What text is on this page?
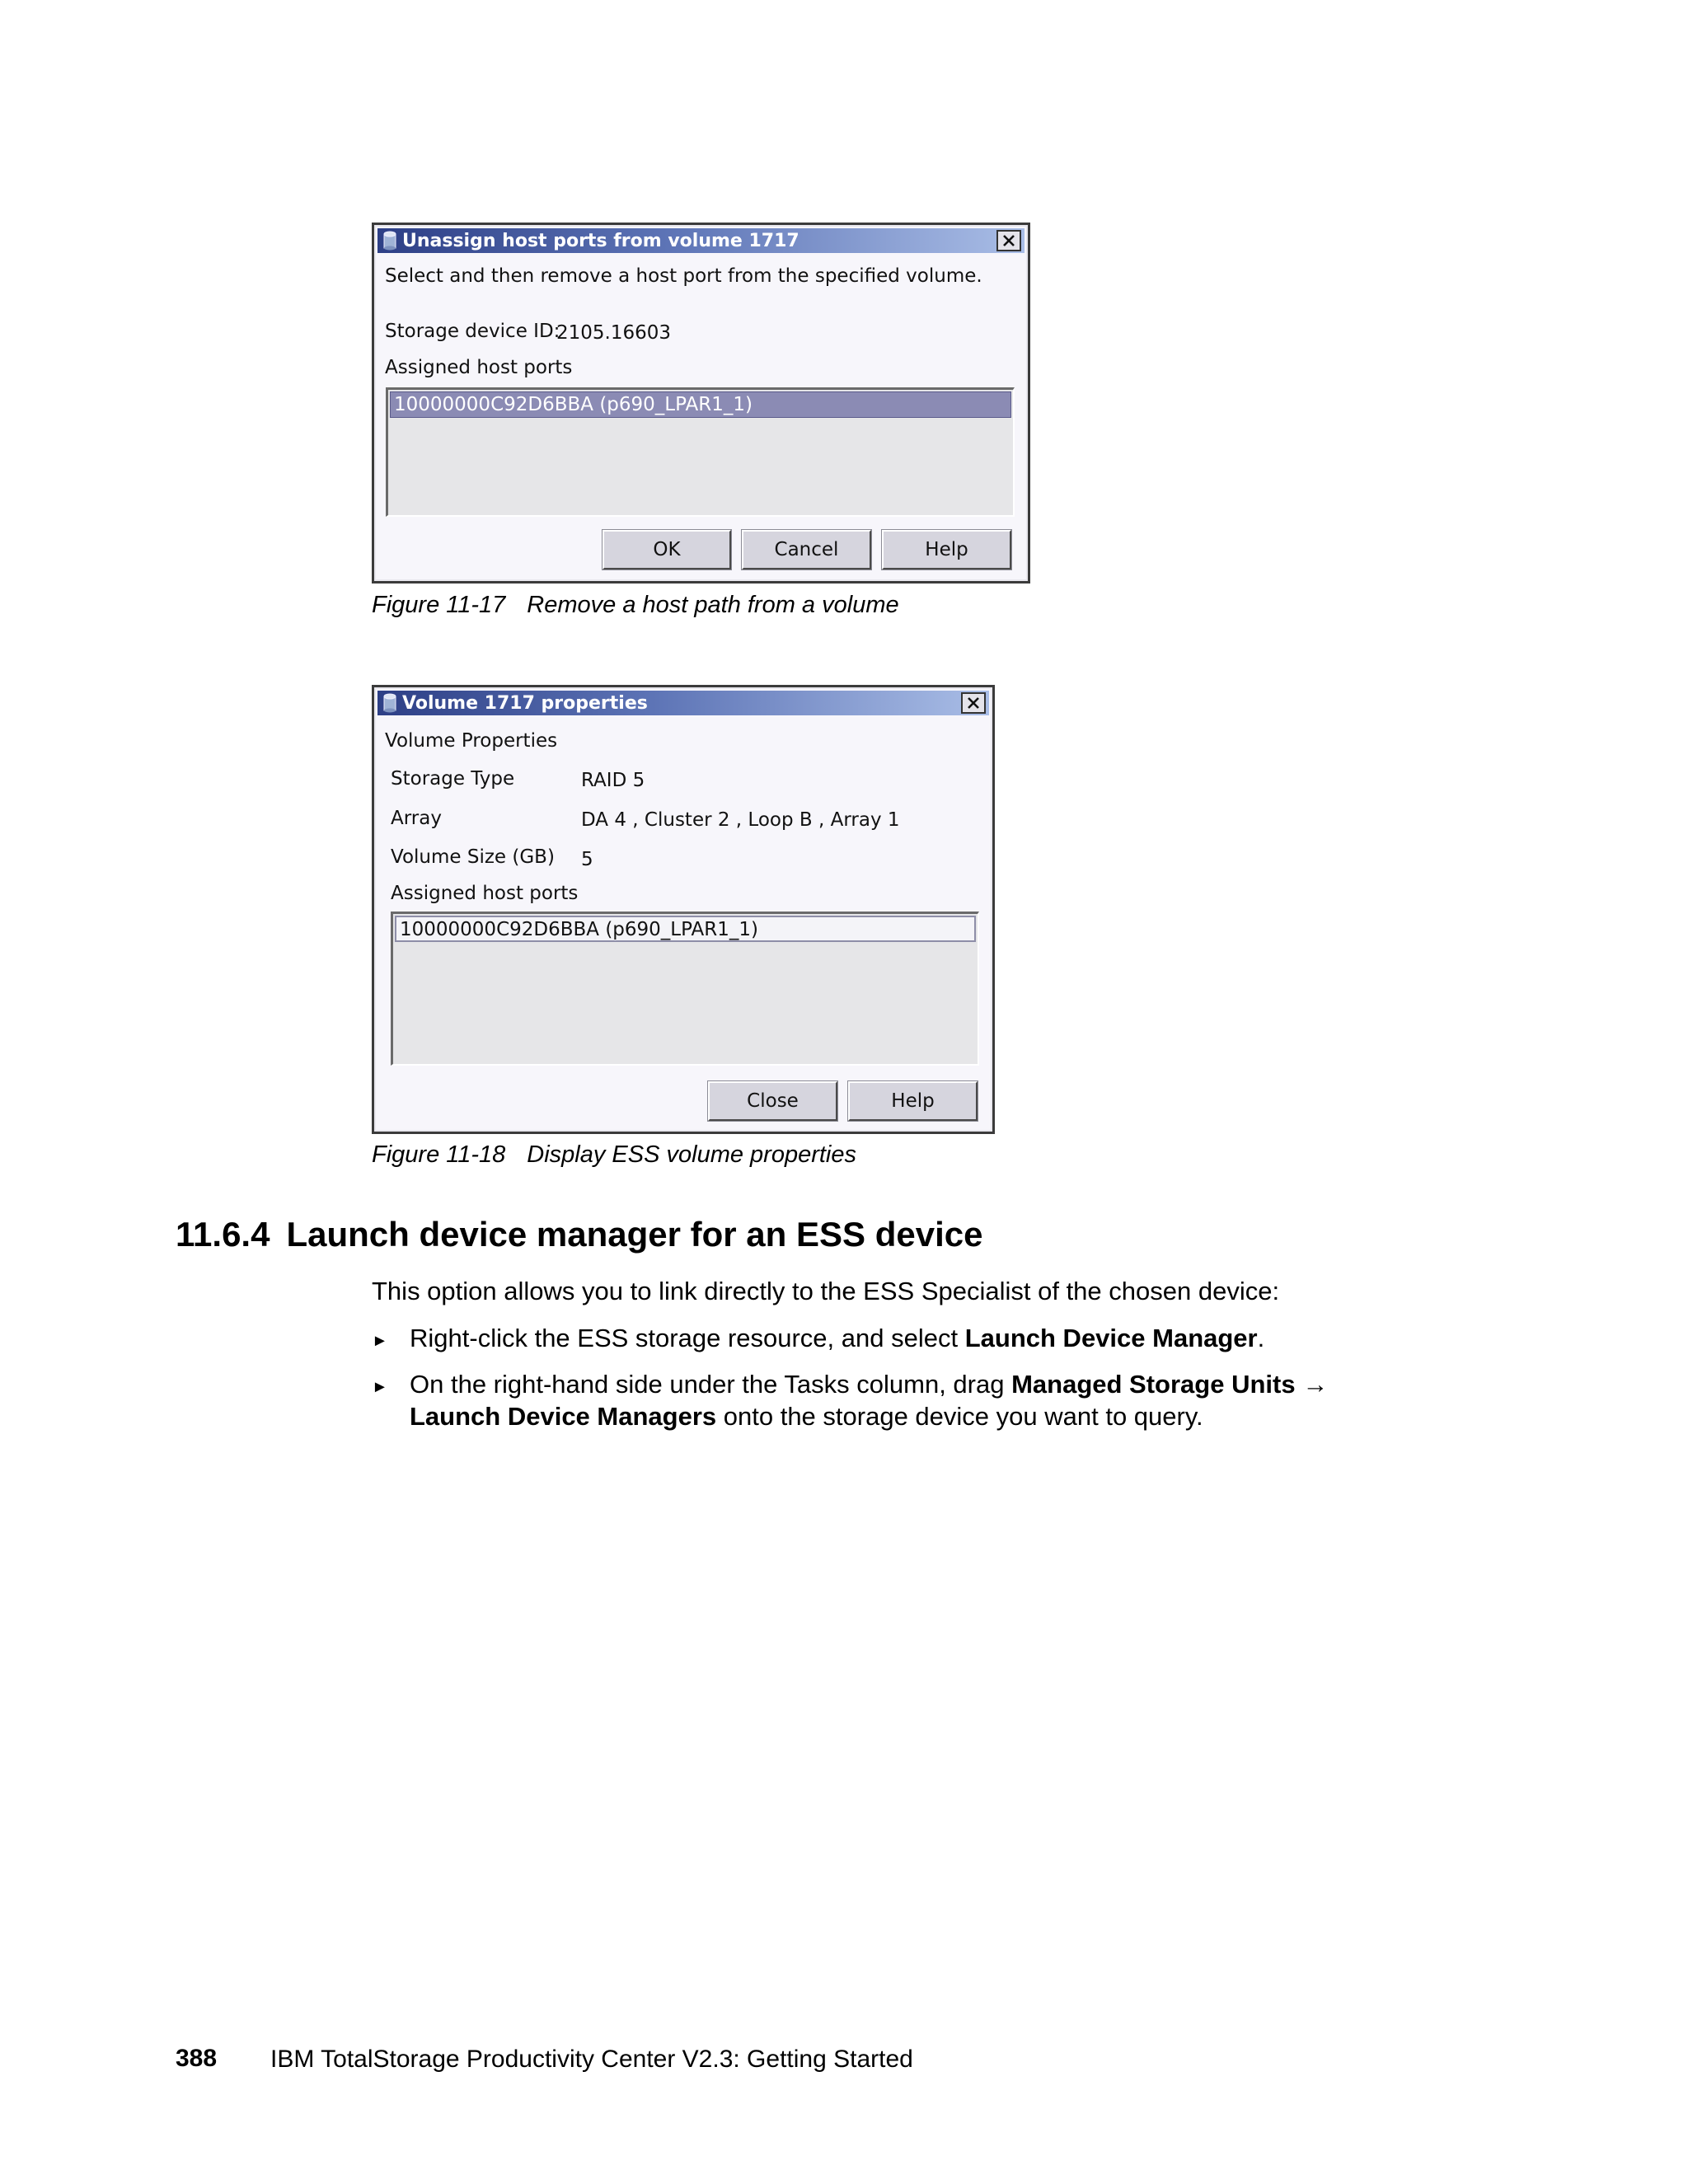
Unassign host ports from volume 1717
Select and then remove a host port from the specified volume.
Storage device ID:
2105.16603
Assigned host ports
10000000C92D6BBA (p690_LPAR1_1)
OK	Cancel	Help
Figure 11-17 Remove a host path from a volume
Volume 1717 properties
Volume Properties
Storage Type	RAID 5
Array	DA 4 , Cluster 2 , Loop B , Array 1
Volume Size (GB) 5
Assigned host ports
10000000C92D6BBA (p690_LPAR1_1)
Close	Help
Figure 11-18 Display ESS volume properties
11.6.4 Launch device manager for an ESS device
This option allows you to link directly to the ESS Specialist of the chosen device:
► Right-click the ESS storage resource, and select Launch Device Manager.
► On the right-hand side under the Tasks column, drag Managed Storage Units →
Launch Device Managers onto the storage device you want to query.
388 IBM TotalStorage Productivity Center V2.3: Getting Started
